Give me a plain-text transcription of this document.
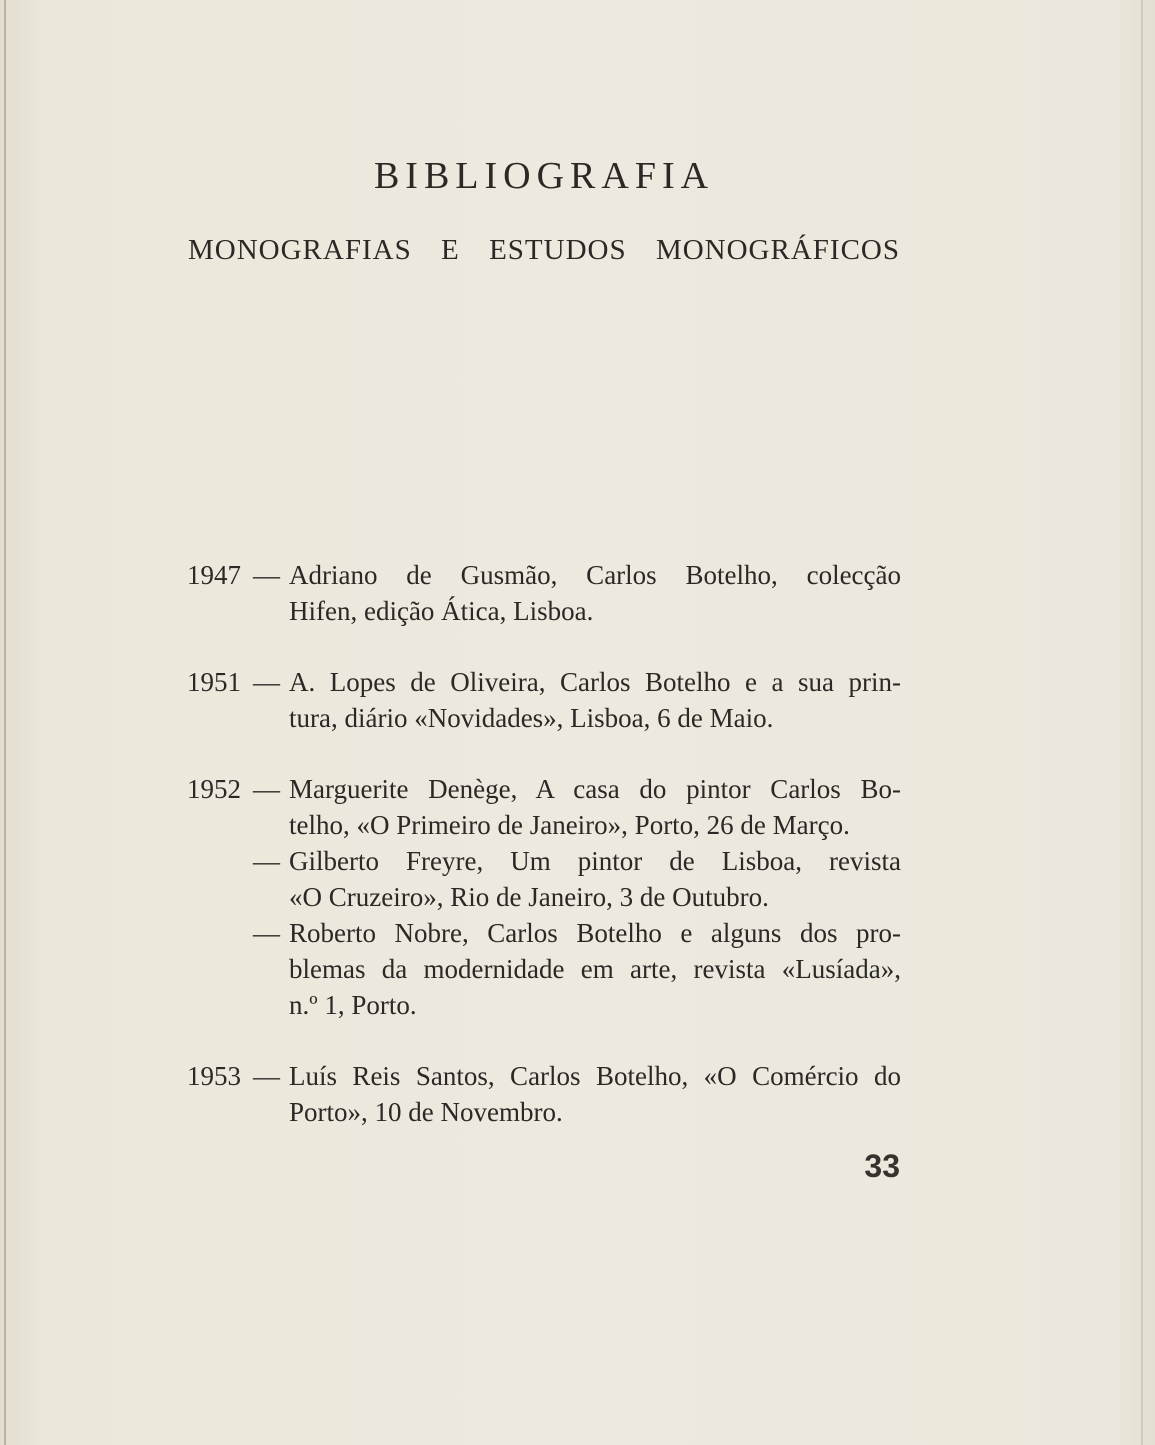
BIBLIOGRAFIA
MONOGRAFIAS E ESTUDOS MONOGRÁFICOS
1947 — Adriano de Gusmão, Carlos Botelho, colecção
Hifen, edição Ática, Lisboa.
1951 — A. Lopes de Oliveira, Carlos Botelho e a sua prin-
tura, diário «Novidades», Lisboa, 6 de Maio.
1952 — Marguerite Denège, A casa do pintor Carlos Bo-
telho, «O Primeiro de Janeiro», Porto, 26 de Março.
— Gilberto Freyre, Um pintor de Lisboa, revista
«O Cruzeiro», Rio de Janeiro, 3 de Outubro.
— Roberto Nobre, Carlos Botelho e alguns dos pro-
blemas da modernidade em arte, revista «Lusíada»,
n.º 1, Porto.
1953 — Luís Reis Santos, Carlos Botelho, «O Comércio do
Porto», 10 de Novembro.
33
